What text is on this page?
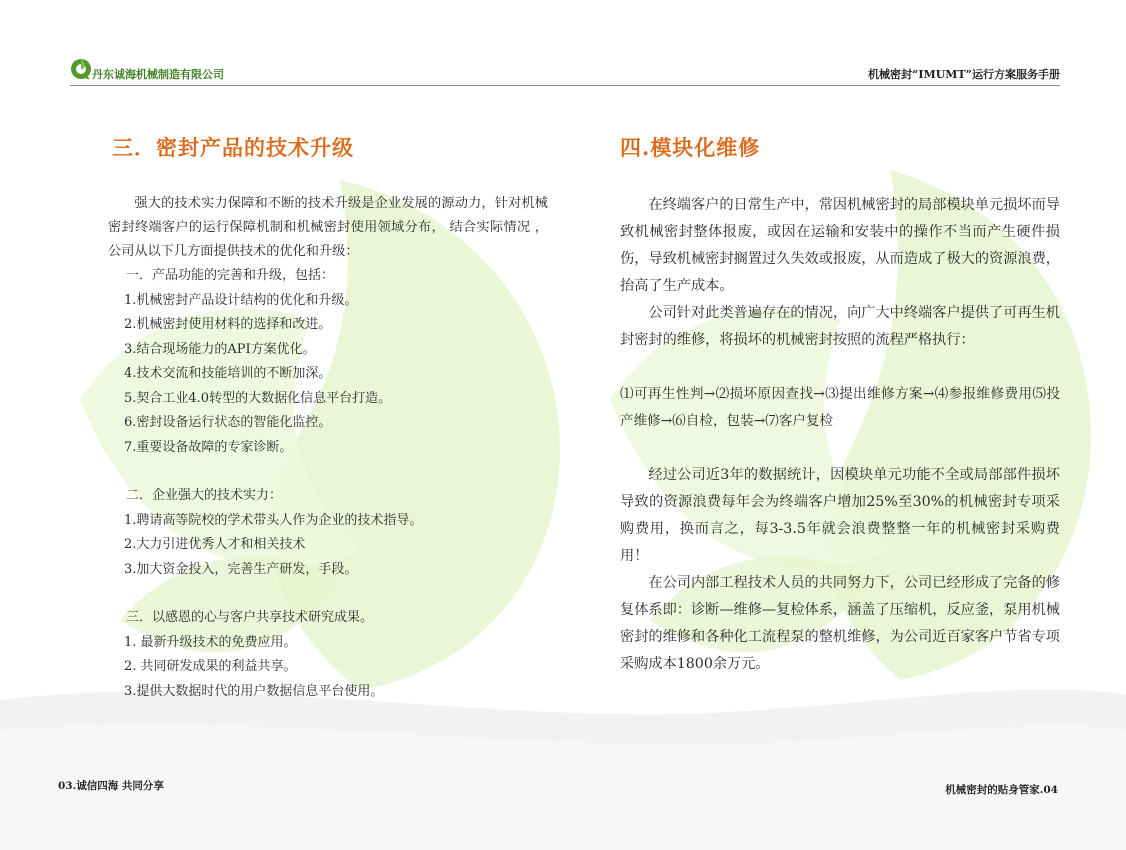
丹东诚海机械制造有限公司	机械密封“IMUMT”运行方案服务手册
三．密封产品的技术升级

强大的技术实力保障和不断的技术升级是企业发展的源动力，针对机械密封终端客户的运行保障机制和机械密封使用领域分布， 结合实际情况 ，公司从以下几方面提供技术的优化和升级：

一．产品功能的完善和升级，包括：

1.机械密封产品设计结构的优化和升级。

2.机械密封使用材料的选择和改进。

3.结合现场能力的API方案优化。

4.技术交流和技能培训的不断加深。

5.契合工业4.0转型的大数据化信息平台打造。

6.密封设备运行状态的智能化监控。

7.重要设备故障的专家诊断。

二．企业强大的技术实力：

1.聘请高等院校的学术带头人作为企业的技术指导。

2.大力引进优秀人才和相关技术

3.加大资金投入，完善生产研发，手段。

三．以感恩的心与客户共享技术研究成果。

1. 最新升级技术的免费应用。

2. 共同研发成果的利益共享。

3.提供大数据时代的用户数据信息平台使用。

四.模块化维修

在终端客户的日常生产中，常因机械密封的局部模块单元损坏而导致机械密封整体报废，或因在运输和安装中的操作不当而产生硬件损伤，导致机械密封搁置过久失效或报废，从而造成了极大的资源浪费，抬高了生产成本。

公司针对此类普遍存在的情况，向广大中终端客户提供了可再生机封密封的维修，将损坏的机械密封按照的流程严格执行：

⑴可再生性判→⑵损坏原因查找→⑶提出维修方案→⑷参报维修费用⑸投产维修→⑹自检，包装→⑺客户复检

经过公司近3年的数据统计，因模块单元功能不全或局部部件损坏导致的资源浪费每年会为终端客户增加25%至30%的机械密封专项采购费用，换而言之，每3-3.5年就会浪费整整一年的机械密封采购费用！

在公司内部工程技术人员的共同努力下，公司已经形成了完备的修复体系即：诊断—维修—复检体系，涵盖了压缩机，反应釜，泵用机械密封的维修和各种化工流程泵的整机维修，为公司近百家客户节省专项采购成本1800余万元。

03.诚信四海 共同分享	机械密封的贴身管家.04
